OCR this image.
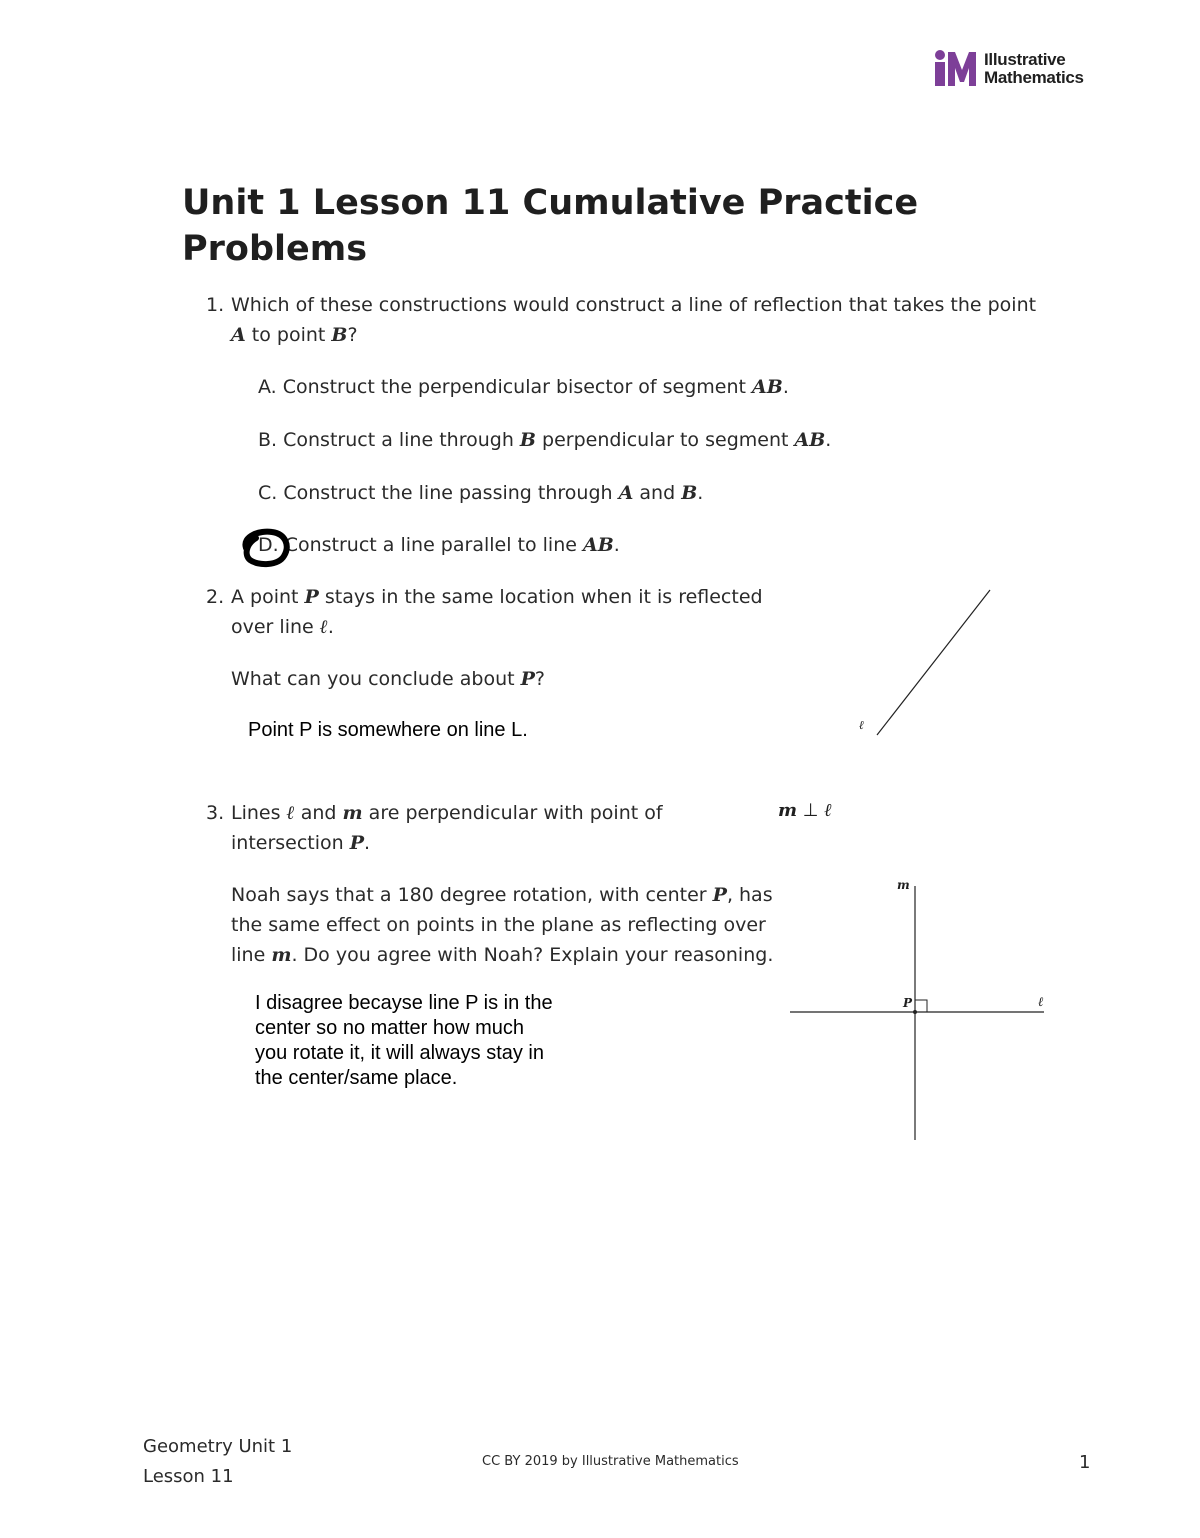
Illustrative
Mathematics
Unit 1 Lesson 11 Cumulative Practice
Problems
1. Which of these constructions would construct a line of reflection that takes the point
A to point B?
A. Construct the perpendicular bisector of segment AB.
B. Construct a line through B perpendicular to segment AB.
C. Construct the line passing through A and B.
D. Construct a line parallel to line AB.
2. A point P stays in the same location when it is reflected
over line ℓ.
What can you conclude about P?
Point P is somewhere on line L.	ℓ
3. Lines ℓ and m are perpendicular with point of
intersection P.
Noah says that a 180 degree rotation, with center P, has
the same effect on points in the plane as reflecting over
line m. Do you agree with Noah? Explain your reasoning.
I disagree becayse line P is in the
center so no matter how much
you rotate it, it will always stay in
the center/same place.
m ⊥ ℓ
m
P	ℓ
Geometry Unit 1
Lesson 11
CC BY 2019 by Illustrative Mathematics	1
